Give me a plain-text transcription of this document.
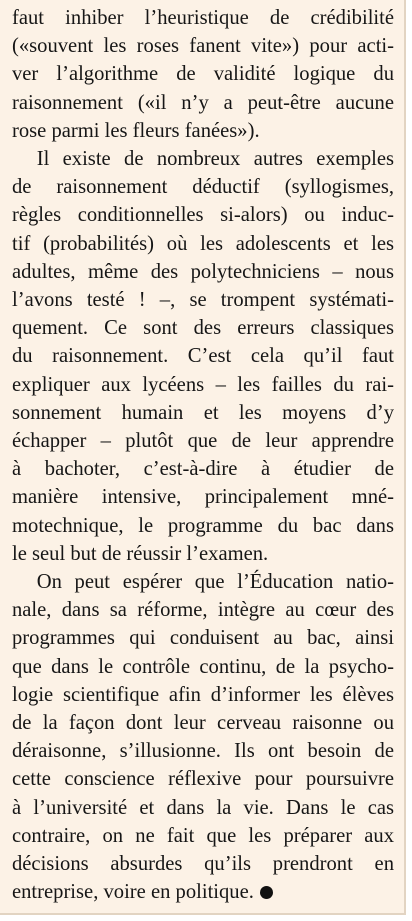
faut inhiber l’heuristique de crédibilité
(«souvent les roses fanent vite») pour acti-
ver l’algorithme de validité logique du
raisonnement («il n’y a peut-être aucune
rose parmi les fleurs fanées»).

Il existe de nombreux autres exemples
de raisonnement déductif (syllogismes,
règles conditionnelles si-alors) ou induc-
tif (probabilités) où les adolescents et les
adultes, même des polytechniciens – nous
l’avons testé ! –, se trompent systémati-
quement. Ce sont des erreurs classiques
du raisonnement. C’est cela qu’il faut
expliquer aux lycéens – les failles du rai-
sonnement humain et les moyens d’y
échapper – plutôt que de leur apprendre
à bachoter, c’est-à-dire à étudier de
manière intensive, principalement mné-
motechnique, le programme du bac dans
le seul but de réussir l’examen.

On peut espérer que l’Éducation natio-
nale, dans sa réforme, intègre au cœur des
programmes qui conduisent au bac, ainsi
que dans le contrôle continu, de la psycho-
logie scientifique afin d’informer les élèves
de la façon dont leur cerveau raisonne ou
déraisonne, s’illusionne. Ils ont besoin de
cette conscience réflexive pour poursuivre
à l’université et dans la vie. Dans le cas
contraire, on ne fait que les préparer aux
décisions absurdes qu’ils prendront en
entreprise, voire en politique.
